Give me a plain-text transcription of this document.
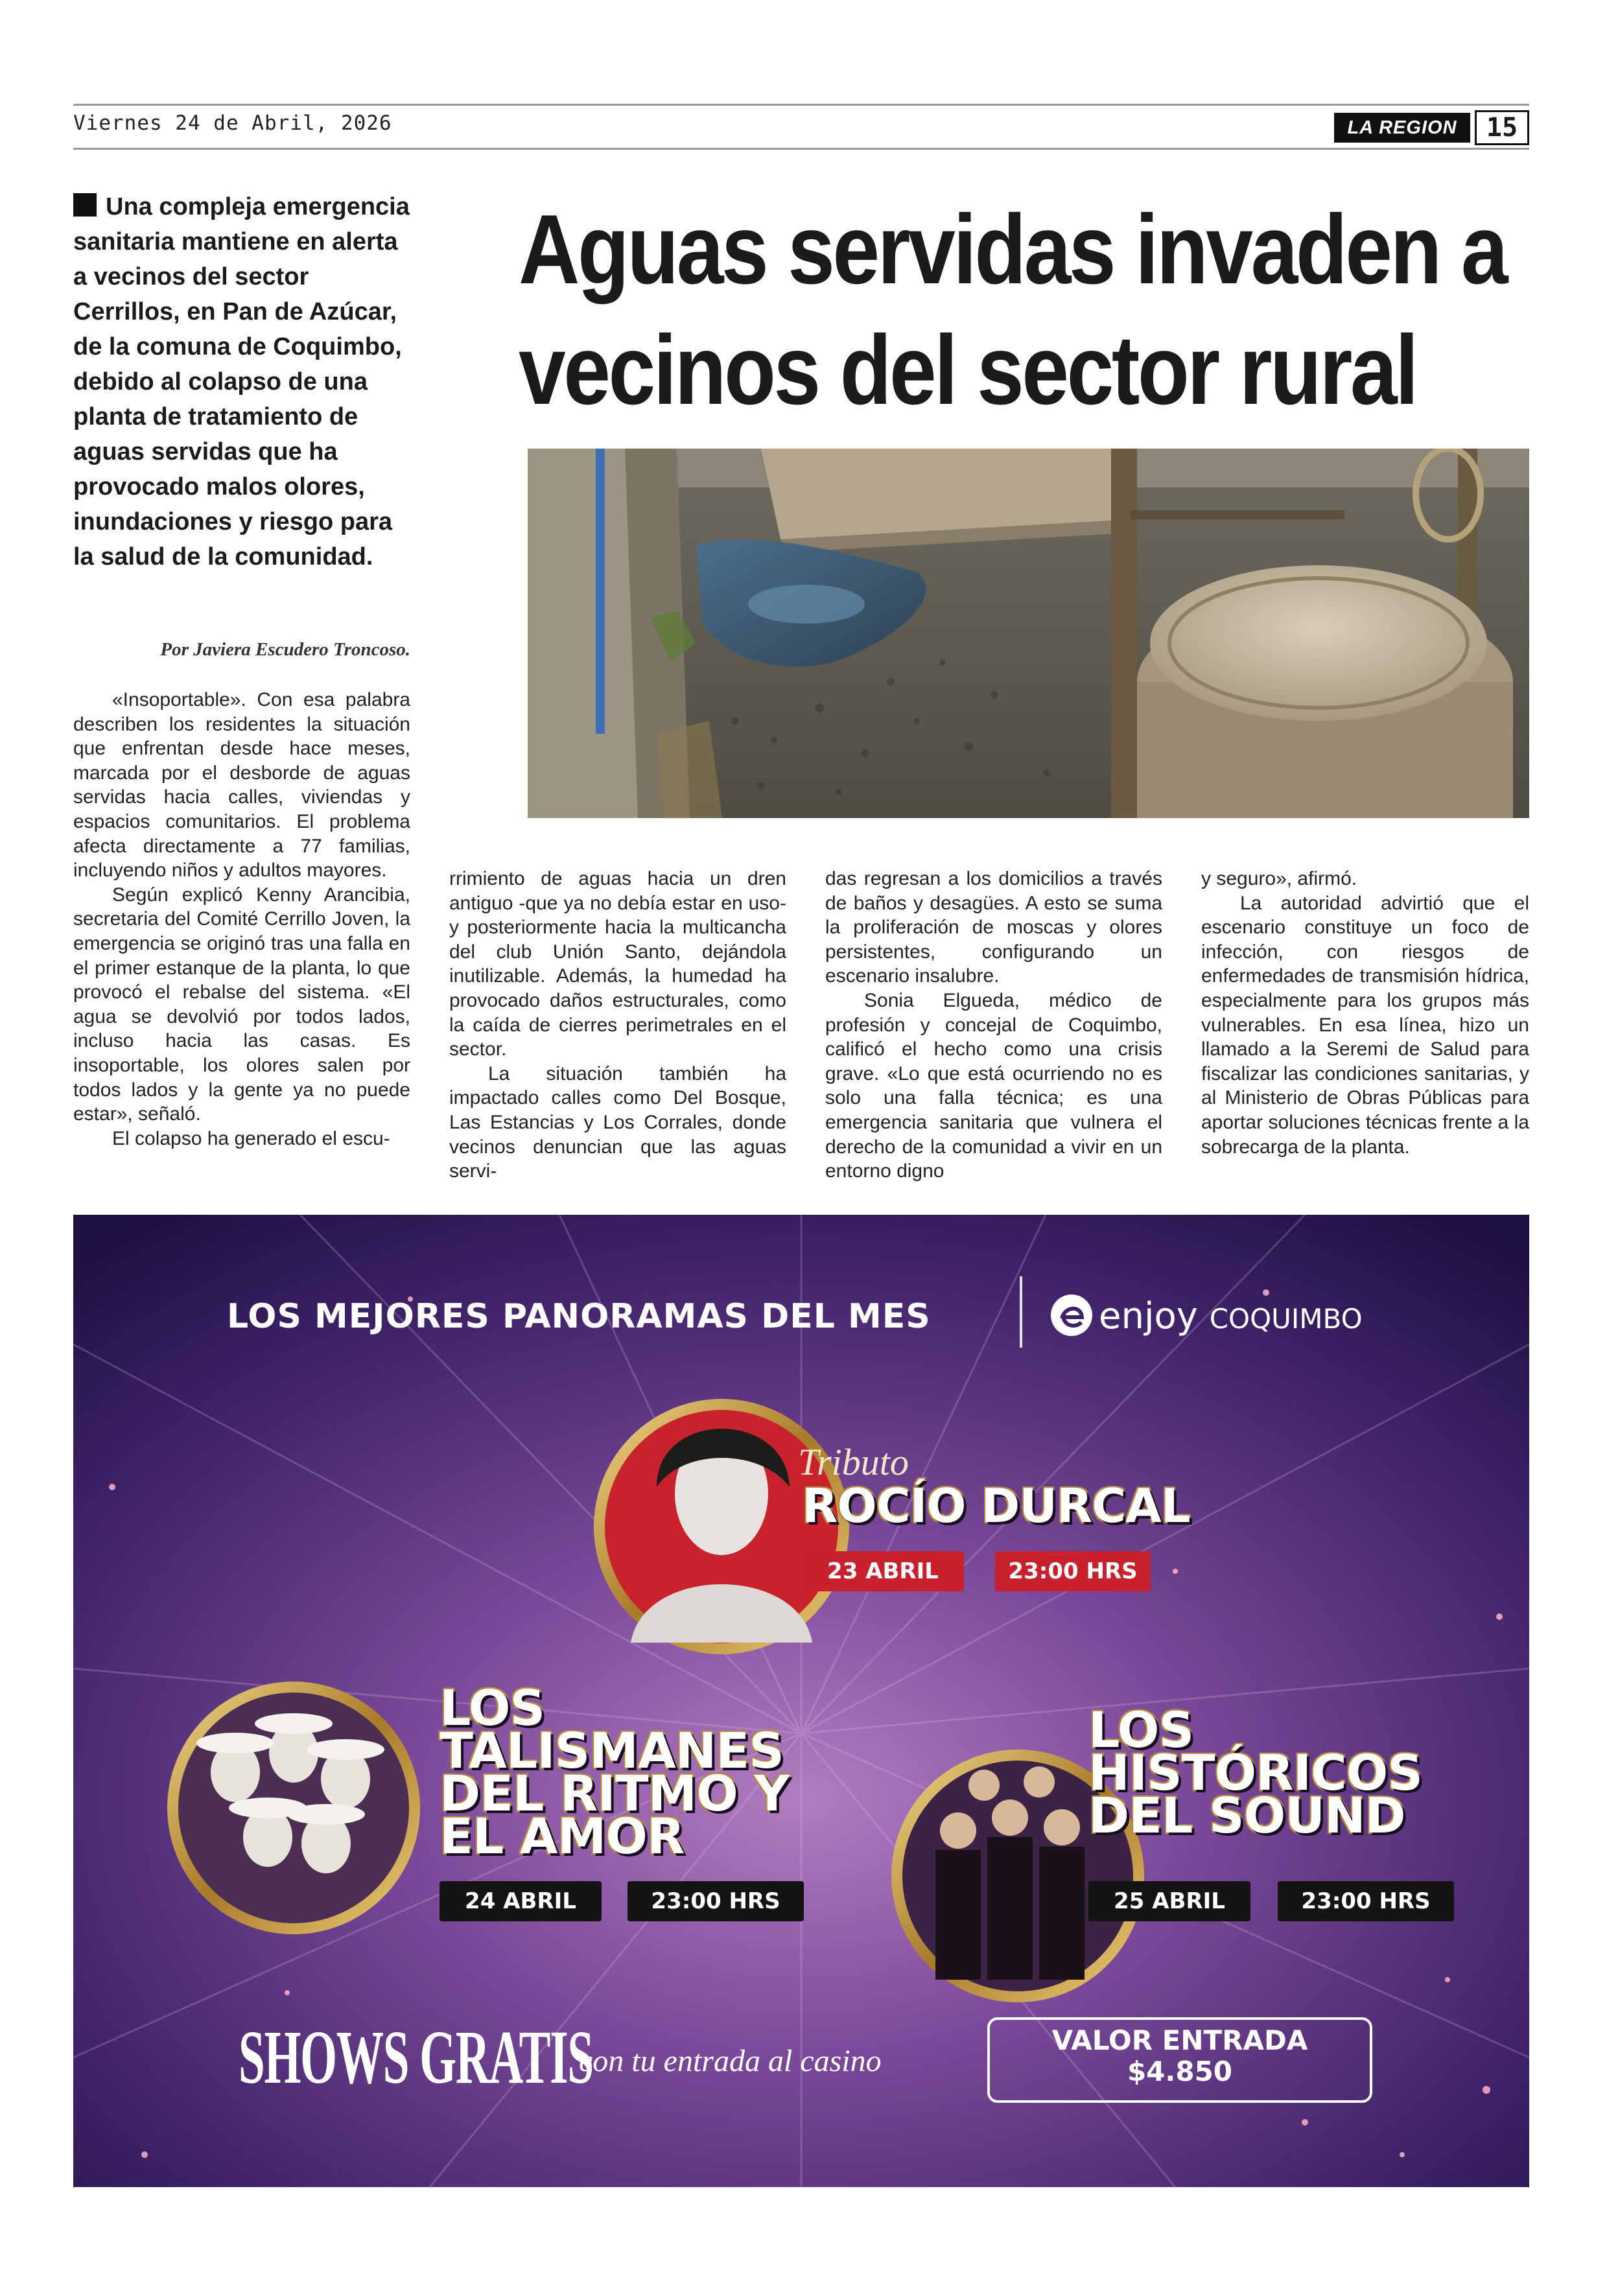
Viernes 24 de Abril, 2026	LA REGION	15
Una compleja emergencia sanitaria mantiene en alerta a vecinos del sector Cerrillos, en Pan de Azúcar, de la comuna de Coquimbo, debido al colapso de una planta de tratamiento de aguas servidas que ha provocado malos olores, inundaciones y riesgo para la salud de la comunidad.
Por Javiera Escudero Troncoso.
Aguas servidas invaden a
vecinos del sector rural

«Insoportable». Con esa palabra describen los residentes la situación que enfrentan desde hace meses, marcada por el desborde de aguas servidas hacia calles, viviendas y espacios comunitarios. El problema afecta directamente a 77 familias, incluyendo niños y adultos mayores.

Según explicó Kenny Arancibia, secretaria del Comité Cerrillo Joven, la emergencia se originó tras una falla en el primer estanque de la planta, lo que provocó el rebalse del sistema. «El agua se devolvió por todos lados, incluso hacia las casas. Es insoportable, los olores salen por todos lados y la gente ya no puede estar», señaló.

El colapso ha generado el escu-

rrimiento de aguas hacia un dren antiguo -que ya no debía estar en uso- y posteriormente hacia la multicancha del club Unión Santo, dejándola inutilizable. Además, la humedad ha provocado daños estructurales, como la caída de cierres perimetrales en el sector.

La situación también ha impactado calles como Del Bosque, Las Estancias y Los Corrales, donde vecinos denuncian que las aguas servi-

das regresan a los domicilios a través de baños y desagües. A esto se suma la proliferación de moscas y olores persistentes, configurando un escenario insalubre.

Sonia Elgueda, médico de profesión y concejal de Coquimbo, calificó el hecho como una crisis grave. «Lo que está ocurriendo no es solo una falla técnica; es una emergencia sanitaria que vulnera el derecho de la comunidad a vivir en un entorno digno

y seguro», afirmó.

La autoridad advirtió que el escenario constituye un foco de infección, con riesgos de enfermedades de transmisión hídrica, especialmente para los grupos más vulnerables. En esa línea, hizo un llamado a la Seremi de Salud para fiscalizar las condiciones sanitarias, y al Ministerio de Obras Públicas para aportar soluciones técnicas frente a la sobrecarga de la planta.

LOS MEJORES PANORAMAS DEL MES	enjoy COQUIMBO
Tributo
ROCÍO DURCAL
23 ABRIL	23:00 HRS
LOS
TALISMANES
DEL RITMO Y
EL AMOR
24 ABRIL	23:00 HRS
LOS
HISTÓRICOS
DEL SOUND
25 ABRIL	23:00 HRS
SHOWS GRATIS
con tu entrada al casino
VALOR ENTRADA
$4.850
